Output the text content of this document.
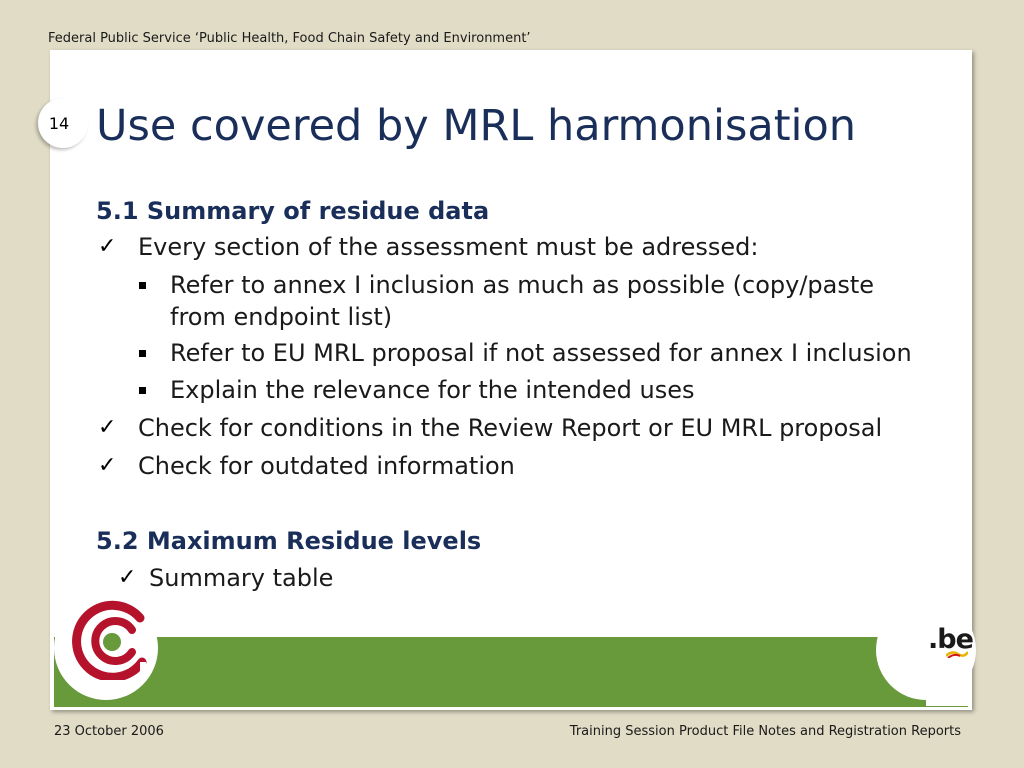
Federal Public Service ‘Public Health, Food Chain Safety and Environment’
14 Use covered by MRL harmonisation
5.1 Summary of residue data
✓ Every section of the assessment must be adressed:
Refer to annex I inclusion as much as possible (copy/paste
from endpoint list)
Refer to EU MRL proposal if not assessed for annex I inclusion
Explain the relevance for the intended uses
✓ Check for conditions in the Review Report or EU MRL proposal
✓ Check for outdated information
5.2 Maximum Residue levels
✓ Summary table
.be
23 October 2006	Training Session Product File Notes and Registration Reports
